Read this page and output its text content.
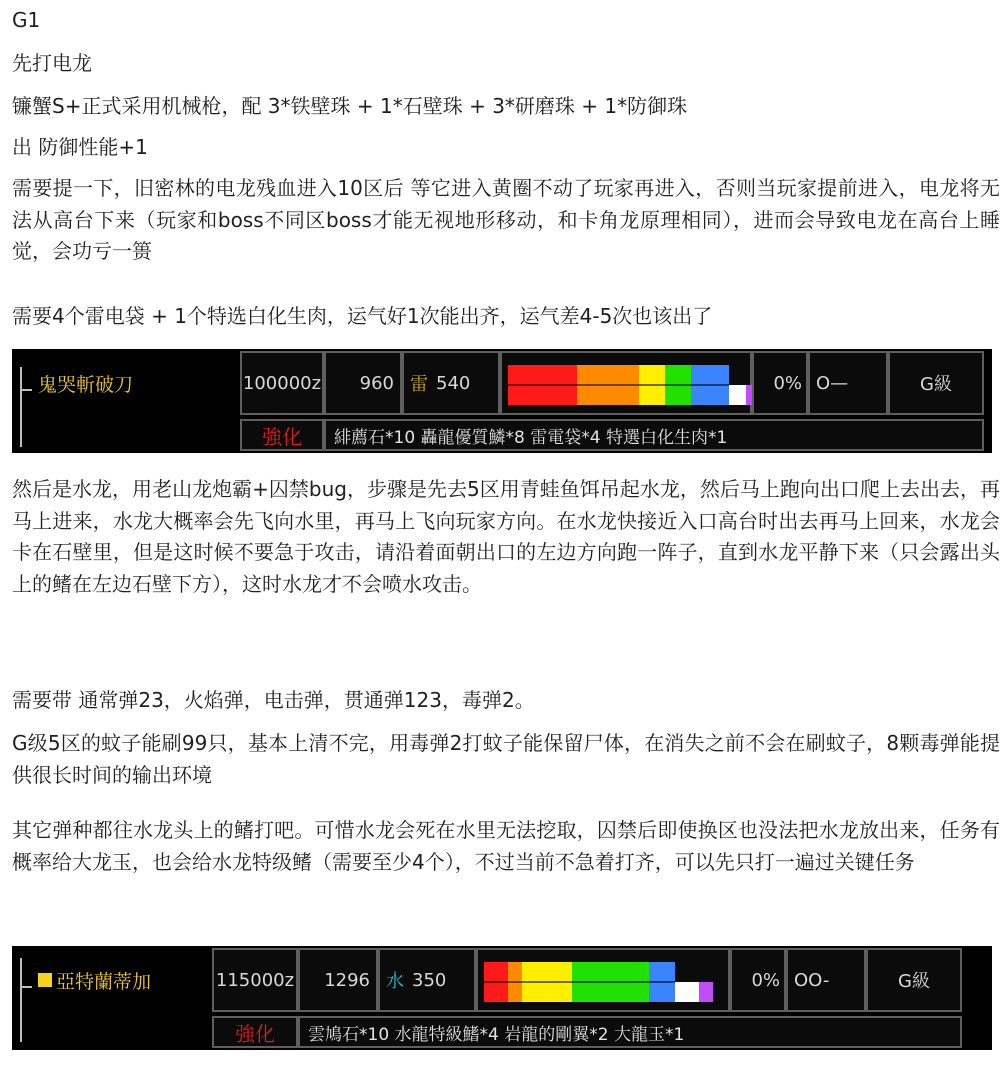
G1
先打电龙
镰蟹S+正式采用机械枪，配 3*铁壁珠 + 1*石壁珠 + 3*研磨珠 + 1*防御珠
出 防御性能+1
需要提一下，旧密林的电龙残血进入10区后 等它进入黄圈不动了玩家再进入，否则当玩家提前进入，电龙将无法从高台下来（玩家和boss不同区boss才能无视地形移动，和卡角龙原理相同），进而会导致电龙在高台上睡觉，会功亏一篑
需要4个雷电袋 + 1个特选白化生肉，运气好1次能出齐，运气差4-5次也该出了
鬼哭斬破刀	100000z 960 雷 540	0% O—	G級
強化 緋薦石*10 轟龍優質鱗*8 雷電袋*4 特選白化生肉*1
然后是水龙，用老山龙炮霸+囚禁bug，步骤是先去5区用青蛙鱼饵吊起水龙，然后马上跑向出口爬上去出去，再马上进来，水龙大概率会先飞向水里，再马上飞向玩家方向。在水龙快接近入口高台时出去再马上回来，水龙会卡在石壁里，但是这时候不要急于攻击，请沿着面朝出口的左边方向跑一阵子，直到水龙平静下来（只会露出头上的鳍在左边石壁下方），这时水龙才不会喷水攻击。
需要带 通常弹23，火焰弹，电击弹，贯通弹123，毒弹2。
G级5区的蚊子能刷99只，基本上清不完，用毒弹2打蚊子能保留尸体，在消失之前不会在刷蚊子，8颗毒弹能提供很长时间的输出环境
其它弹种都往水龙头上的鳍打吧。可惜水龙会死在水里无法挖取，囚禁后即使换区也没法把水龙放出来，任务有概率给大龙玉，也会给水龙特级鳍（需要至少4个），不过当前不急着打齐，可以先只打一遍过关键任务
亞特蘭蒂加	115000z 1296 水 350	0% OO-	G級
強化 雲鳩石*10 水龍特級鰭*4 岩龍的剛翼*2 大龍玉*1
